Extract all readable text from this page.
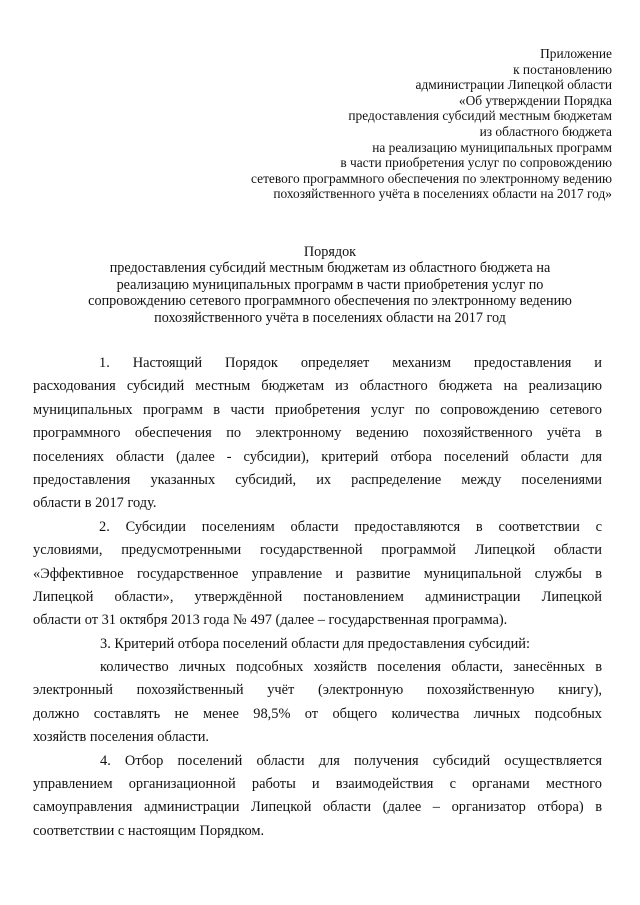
Приложение
к постановлению
администрации Липецкой области
«Об утверждении Порядка
предоставления субсидий местным бюджетам
из областного бюджета
на реализацию муниципальных программ
в части приобретения услуг по сопровождению
сетевого программного обеспечения по электронному ведению
похозяйственного учёта в поселениях области на 2017 год»
Порядок
предоставления субсидий местным бюджетам из областного бюджета на
реализацию муниципальных программ в части приобретения услуг по
сопровождению сетевого программного обеспечения по электронному ведению
похозяйственного учёта в поселениях области на 2017 год
1. Настоящий Порядок определяет механизм предоставления и
расходования субсидий местным бюджетам из областного бюджета на реализацию
муниципальных программ в части приобретения услуг по сопровождению сетевого
программного обеспечения по электронному ведению похозяйственного учёта в
поселениях области (далее - субсидии), критерий отбора поселений области для
предоставления указанных субсидий, их распределение между поселениями
области в 2017 году.
2. Субсидии поселениям области предоставляются в соответствии с
условиями, предусмотренными государственной программой Липецкой области
«Эффективное государственное управление и развитие муниципальной службы в
Липецкой области», утверждённой постановлением администрации Липецкой
области от 31 октября 2013 года № 497 (далее – государственная программа).
3. Критерий отбора поселений области для предоставления субсидий:
количество личных подсобных хозяйств поселения области, занесённых в
электронный похозяйственный учёт (электронную похозяйственную книгу),
должно составлять не менее 98,5% от общего количества личных подсобных
хозяйств поселения области.
4. Отбор поселений области для получения субсидий осуществляется
управлением организационной работы и взаимодействия с органами местного
самоуправления администрации Липецкой области (далее – организатор отбора) в
соответствии с настоящим Порядком.
